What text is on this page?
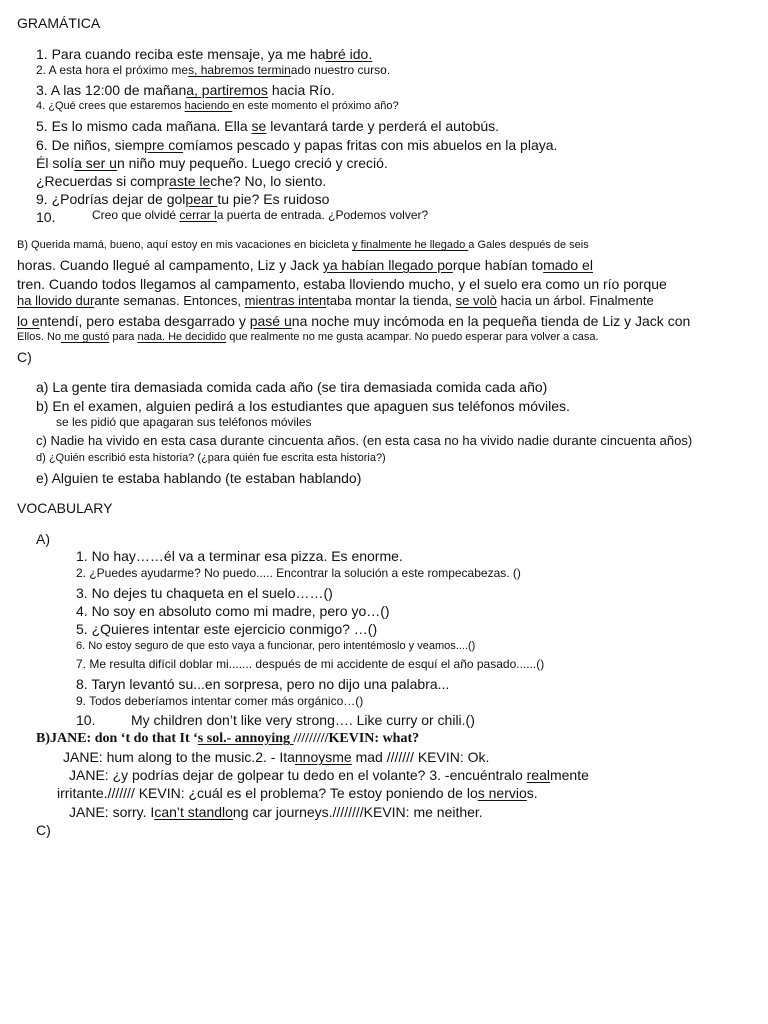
GRAMÁTICA
1. Para cuando reciba este mensaje, ya me habré ido.
2. A esta hora el próximo mes, habremos terminado nuestro curso.
3. A las 12:00 de mañana, partiremos hacia Río.
4. ¿Qué crees que estaremos haciendo en este momento el próximo año?
5. Es lo mismo cada mañana. Ella se levantará tarde y perderá el autobús.
6. De niños, siempre comíamos pescado y papas fritas con mis abuelos en la playa.
Él solía ser un niño muy pequeño. Luego creció y creció.
¿Recuerdas si compraste leche? No, lo siento.
9. ¿Podrías dejar de golpear tu pie? Es ruidoso
10.	Creo que olvidé cerrar la puerta de entrada. ¿Podemos volver?
B) Querida mamá, bueno, aquí estoy en mis vacaciones en bicicleta y finalmente he llegado a Gales después de seis
horas. Cuando llegué al campamento, Liz y Jack ya habían llegado porque habían tomado el
tren. Cuando todos llegamos al campamento, estaba lloviendo mucho, y el suelo era como un río porque
ha llovido durante semanas. Entonces, mientras intentaba montar la tienda, se volò hacia un árbol. Finalmente
lo entendí, pero estaba desgarrado y pasé una noche muy incómoda en la pequeña tienda de Liz y Jack con
Ellos. No me gustó para nada. He decidido que realmente no me gusta acampar. No puedo esperar para volver a casa.
C)
a) La gente tira demasiada comida cada año (se tira demasiada comida cada año)
b) En el examen, alguien pedirá a los estudiantes que apaguen sus teléfonos móviles.
se les pidió que apagaran sus teléfonos móviles
c) Nadie ha vivido en esta casa durante cincuenta años. (en esta casa no ha vivido nadie durante cincuenta años)
d) ¿Quién escribió esta historia? (¿para quién fue escrita esta historia?)
e) Alguien te estaba hablando (te estaban hablando)
VOCABULARY
A)
1. No hay……él va a terminar esa pizza. Es enorme.
2. ¿Puedes ayudarme? No puedo..... Encontrar la solución a este rompecabezas. ()
3. No dejes tu chaqueta en el suelo……()
4. No soy en absoluto como mi madre, pero yo…()
5. ¿Quieres intentar este ejercicio conmigo? …()
6. No estoy seguro de que esto vaya a funcionar, pero intentémoslo y veamos....()
7. Me resulta difícil doblar mi....... después de mi accidente de esquí el año pasado......()
8. Taryn levantó su...en sorpresa, pero no dijo una palabra...
9. Todos deberíamos intentar comer más orgánico…()
10.	My children don’t like very strong…. Like curry or chili.()
B)JANE: don ‘t do that It ‘s sol.- annoying /////////KEVIN: what?
JANE: hum along to the music.2. - Itannoysme mad /////// KEVIN: Ok.
JANE: ¿y podrías dejar de golpear tu dedo en el volante? 3. -encuéntralo realmente
irritante./////// KEVIN: ¿cuál es el problema? Te estoy poniendo de los nervios.
JANE: sorry. Ican’t standlong car journeys.////////KEVIN: me neither.
C)
